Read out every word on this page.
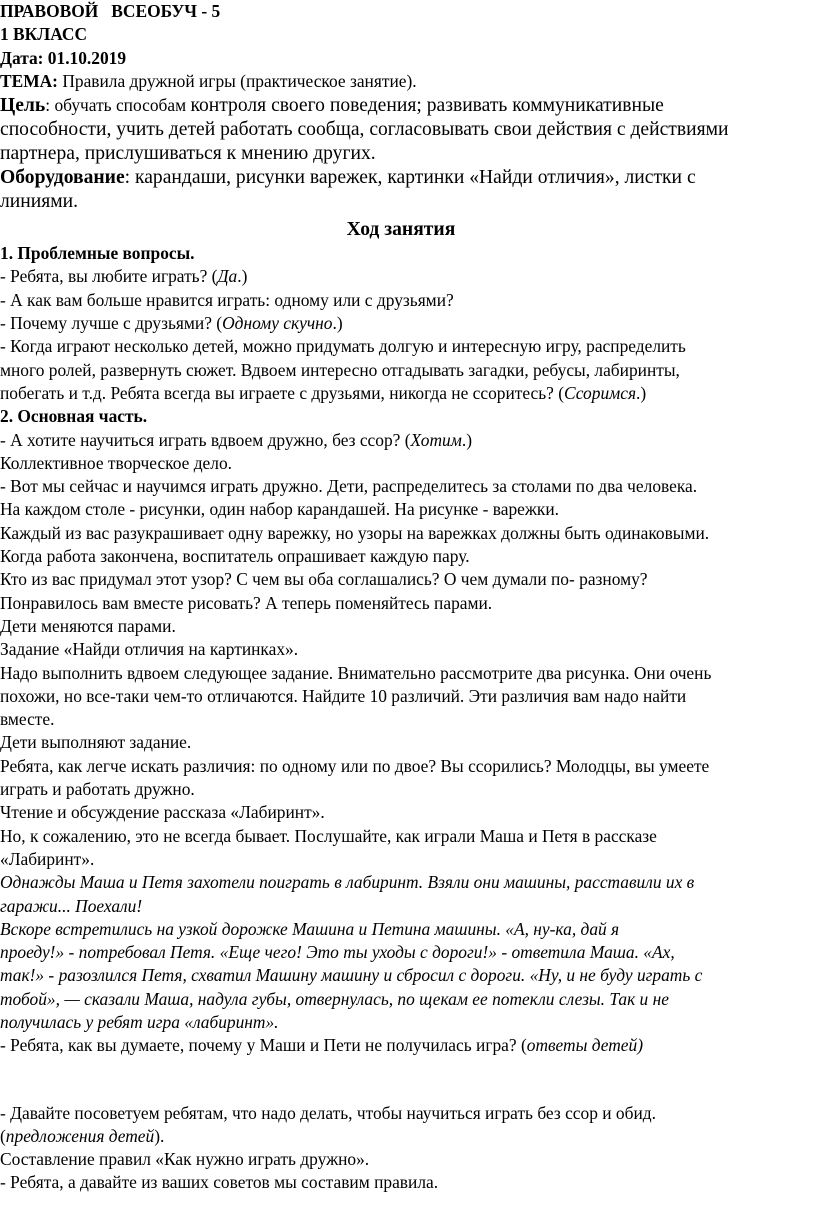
ПРАВОВОЙ   ВСЕОБУЧ - 5
1 ВКЛАСС
Дата: 01.10.2019
ТЕМА: Правила дружной игры (практическое занятие).
Цель: обучать способам контроля своего поведения; развивать коммуникативные
способности, учить детей работать сообща, согласовывать свои действия с действиями
партнера, прислушиваться к мнению других.
Оборудование: карандаши, рисунки варежек, картинки «Найди отличия», листки с
линиями.
Ход занятия
1. Проблемные вопросы.
- Ребята, вы любите играть? (Да.)
- А как вам больше нравится играть: одному или с друзьями?
- Почему лучше с друзьями? (Одному скучно.)
- Когда играют несколько детей, можно придумать долгую и интересную игру, распределить
много ролей, развернуть сюжет. Вдвоем интересно отгадывать загадки, ребусы, лабиринты,
побегать и т.д. Ребята всегда вы играете с друзьями, никогда не ссоритесь? (Ссоримся.)
2. Основная часть.
- А хотите научиться играть вдвоем дружно, без ссор? (Хотим.)
Коллективное творческое дело.
- Вот мы сейчас и научимся играть дружно. Дети, распределитесь за столами по два человека.
На каждом столе - рисунки, один набор карандашей. На рисунке - варежки.
Каждый из вас разукрашивает одну варежку, но узоры на варежках должны быть одинаковыми.
Когда работа закончена, воспитатель опрашивает каждую пару.
Кто из вас придумал этот узор? С чем вы оба соглашались? О чем думали по- разному?
Понравилось вам вместе рисовать? А теперь поменяйтесь парами.
Дети меняются парами.
Задание «Найди отличия на картинках».
Надо выполнить вдвоем следующее задание. Внимательно рассмотрите два рисунка. Они очень
похожи, но все-таки чем-то отличаются. Найдите 10 различий. Эти различия вам надо найти
вместе.
Дети выполняют задание.
Ребята, как легче искать различия: по одному или по двое? Вы ссорились? Молодцы, вы умеете
играть и работать дружно.
Чтение и обсуждение рассказа «Лабиринт».
Но, к сожалению, это не всегда бывает. Послушайте, как играли Маша и Петя в рассказе
«Лабиринт».
Однажды Маша и Петя захотели поиграть в лабиринт. Взяли они машины, расставили их в
гаражи... Поехали!
Вскоре встретились на узкой дорожке Машина и Петина машины. «А, ну-ка, дай я
проеду!» - потребовал Петя. «Еще чего! Это ты уходы с дороги!» - ответила Маша. «Ах,
так!» - разозлился Петя, схватил Машину машину и сбросил с дороги. «Ну, и не буду играть с
тобой», — сказали Маша, надула губы, отвернулась, по щекам ее потекли слезы. Так и не
получилась у ребят игра «лабиринт».
- Ребята, как вы думаете, почему у Маши и Пети не получилась игра? (ответы детей)
- Давайте посоветуем ребятам, что надо делать, чтобы научиться играть без ссор и обид.
(предложения детей).
Составление правил «Как нужно играть дружно».
- Ребята, а давайте из ваших советов мы составим правила.
